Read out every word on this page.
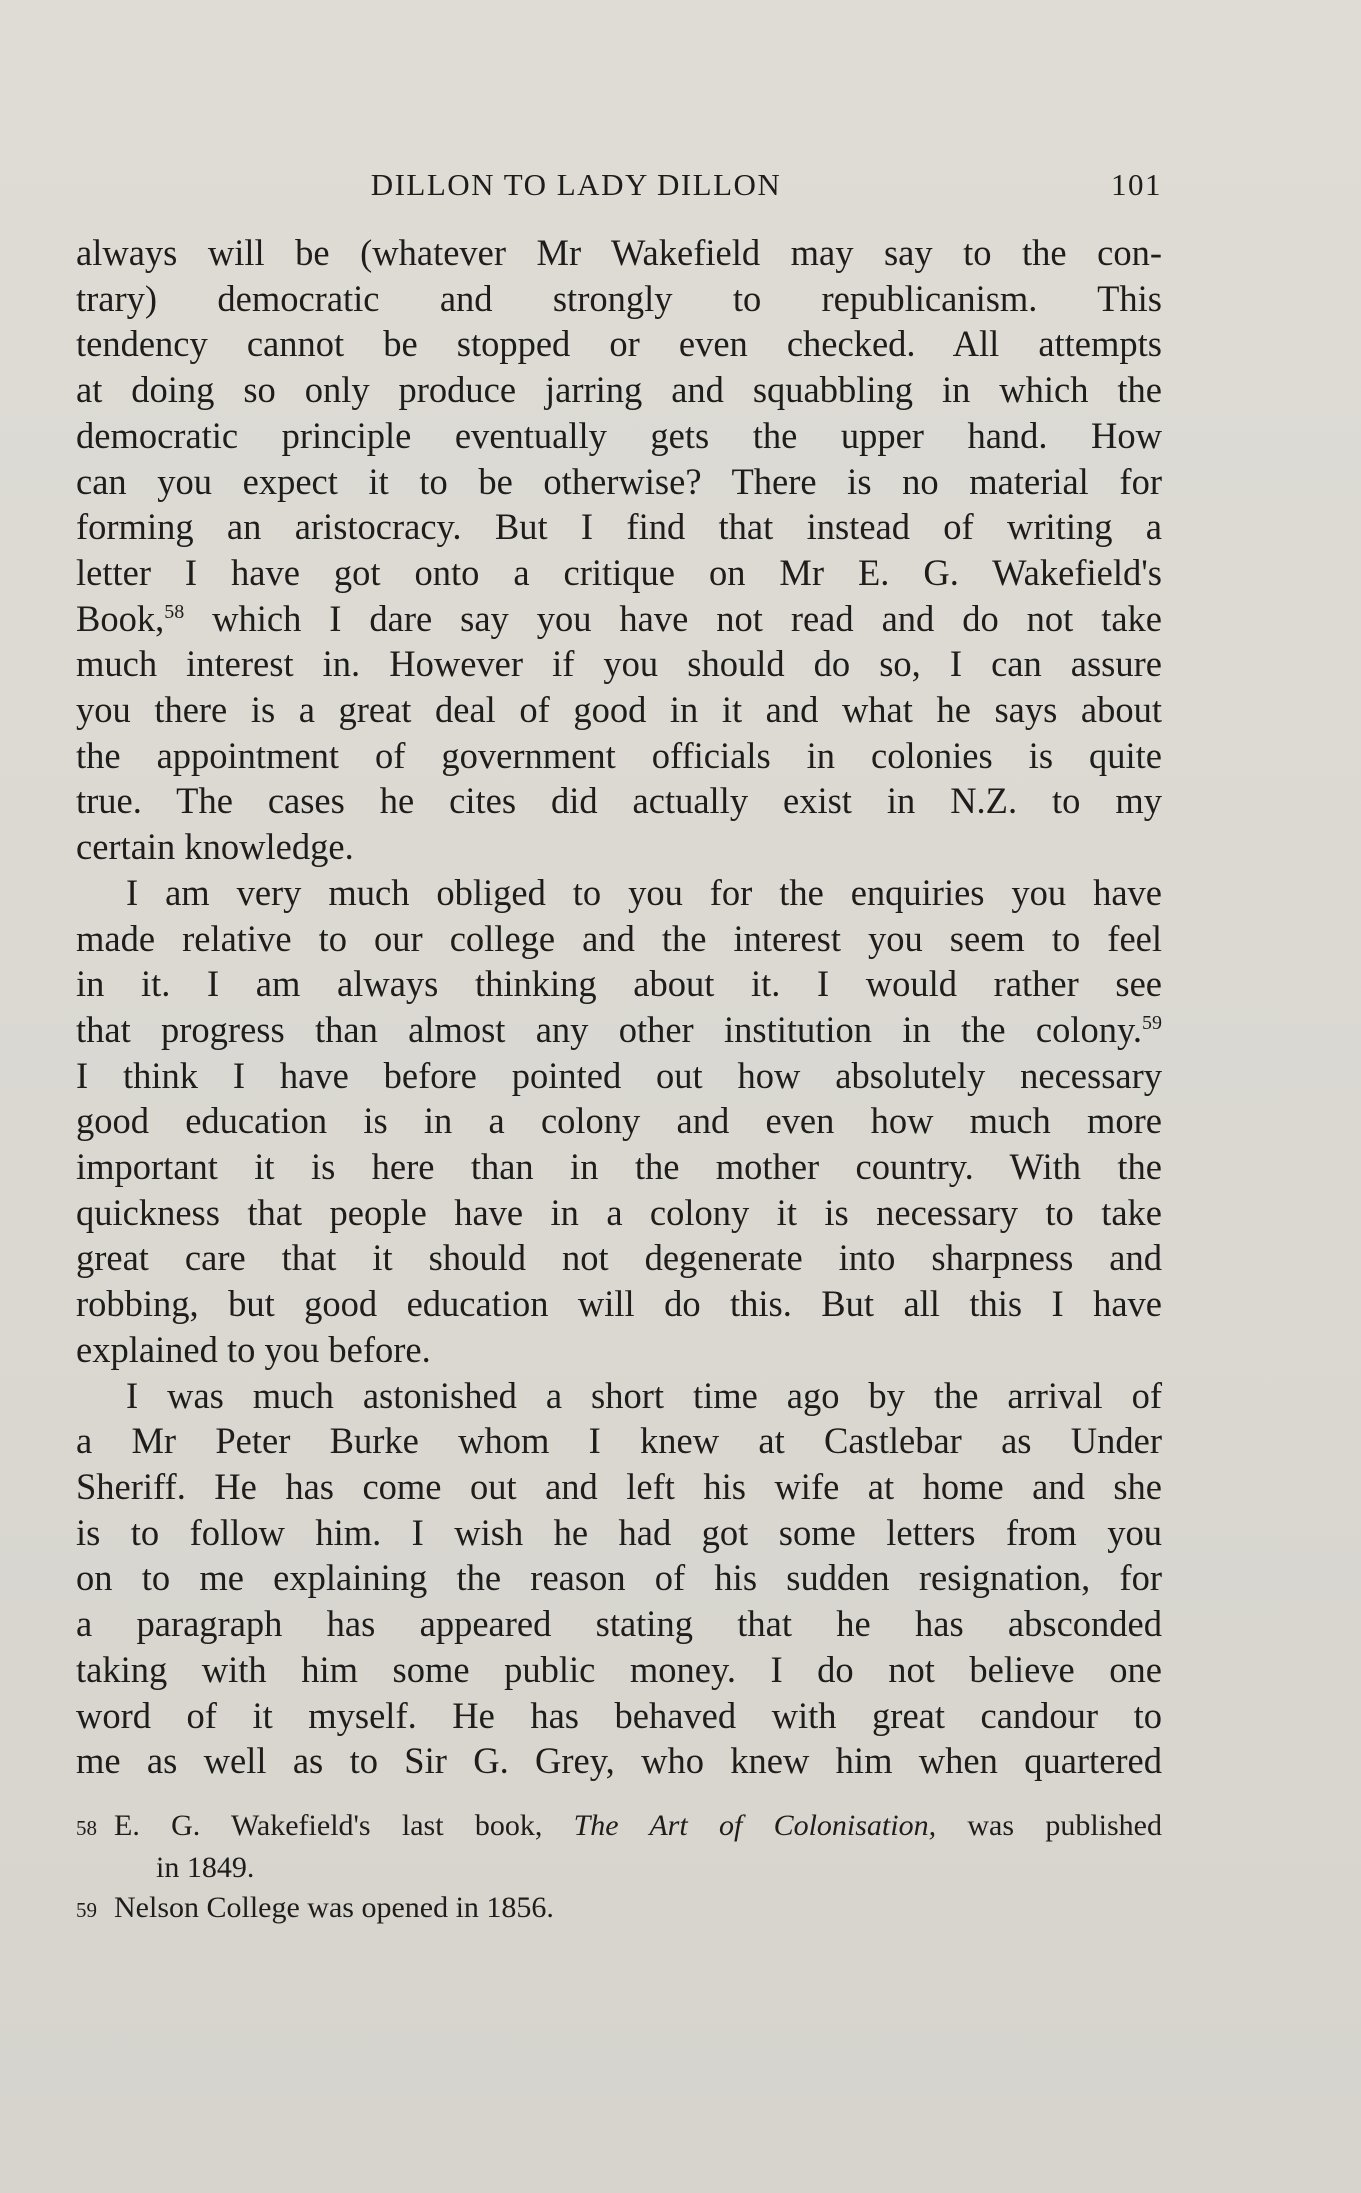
DILLON TO LADY DILLON	101

always will be (whatever Mr Wakefield may say to the con-

trary) democratic and strongly to republicanism. This

tendency cannot be stopped or even checked. All attempts

at doing so only produce jarring and squabbling in which the

democratic principle eventually gets the upper hand. How

can you expect it to be otherwise? There is no material for

forming an aristocracy. But I find that instead of writing a

letter I have got onto a critique on Mr E. G. Wakefield's

Book,$^{58}$ which I dare say you have not read and do not take

much interest in. However if you should do so, I can assure

you there is a great deal of good in it and what he says about

the appointment of government officials in colonies is quite

true. The cases he cites did actually exist in N.Z. to my

certain knowledge.

I am very much obliged to you for the enquiries you have

made relative to our college and the interest you seem to feel

in it. I am always thinking about it. I would rather see

that progress than almost any other institution in the colony.$^{59}$

I think I have before pointed out how absolutely necessary

good education is in a colony and even how much more

important it is here than in the mother country. With the

quickness that people have in a colony it is necessary to take

great care that it should not degenerate into sharpness and

robbing, but good education will do this. But all this I have

explained to you before.

I was much astonished a short time ago by the arrival of

a Mr Peter Burke whom I knew at Castlebar as Under

Sheriff. He has come out and left his wife at home and she

is to follow him. I wish he had got some letters from you

on to me explaining the reason of his sudden resignation, for

a paragraph has appeared stating that he has absconded

taking with him some public money. I do not believe one

word of it myself. He has behaved with great candour to

me as well as to Sir G. Grey, who knew him when quartered

58 E. G. Wakefield's last book, The Art of Colonisation, was published
in 1849.
59 Nelson College was opened in 1856.
